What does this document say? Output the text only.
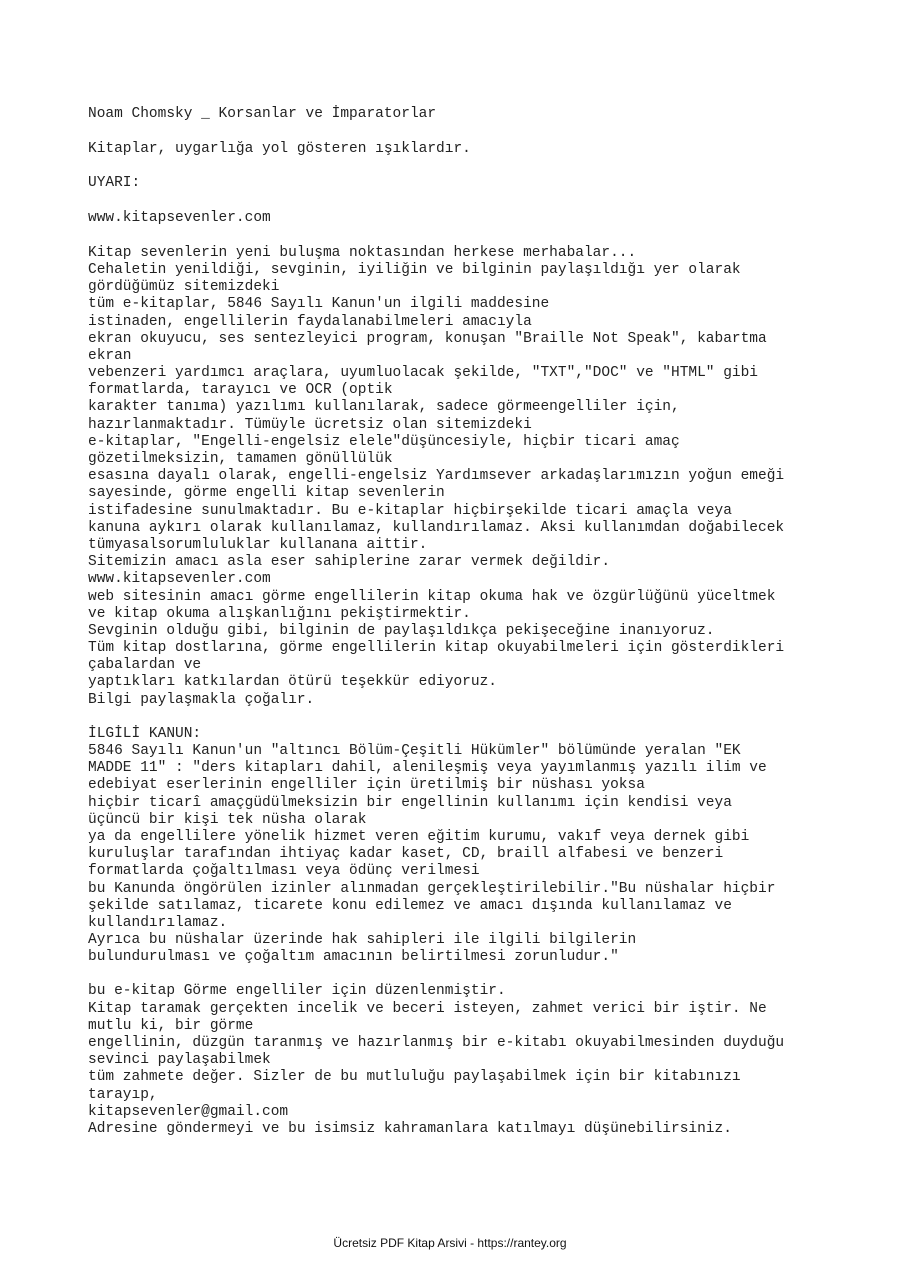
Noam Chomsky _ Korsanlar ve İmparatorlar
Kitaplar, uygarlığa yol gösteren ışıklardır.
UYARI:
www.kitapsevenler.com
Kitap sevenlerin yeni buluşma noktasından herkese merhabalar...
Cehaletin yenildiği, sevginin, iyiliğin ve bilginin paylaşıldığı yer olarak
gördüğümüz sitemizdeki
tüm e-kitaplar, 5846 Sayılı Kanun'un ilgili maddesine
istinaden, engellilerin faydalanabilmeleri amacıyla
ekran okuyucu, ses sentezleyici program, konuşan "Braille Not Speak", kabartma
ekran
vebenzeri yardımcı araçlara, uyumluolacak şekilde, "TXT","DOC" ve "HTML" gibi
formatlarda, tarayıcı ve OCR (optik
karakter tanıma) yazılımı kullanılarak, sadece görmeengelliler için,
hazırlanmaktadır. Tümüyle ücretsiz olan sitemizdeki
e-kitaplar, "Engelli-engelsiz elele"düşüncesiyle, hiçbir ticari amaç
gözetilmeksizin, tamamen gönüllülük
esasına dayalı olarak, engelli-engelsiz Yardımsever arkadaşlarımızın yoğun emeği
sayesinde, görme engelli kitap sevenlerin
istifadesine sunulmaktadır. Bu e-kitaplar hiçbirşekilde ticari amaçla veya
kanuna aykırı olarak kullanılamaz, kullandırılamaz. Aksi kullanımdan doğabilecek
tümyasalsorumluluklar kullanana aittir.
Sitemizin amacı asla eser sahiplerine zarar vermek değildir.
www.kitapsevenler.com
web sitesinin amacı görme engellilerin kitap okuma hak ve özgürlüğünü yüceltmek
ve kitap okuma alışkanlığını pekiştirmektir.
Sevginin olduğu gibi, bilginin de paylaşıldıkça pekişeceğine inanıyoruz.
Tüm kitap dostlarına, görme engellilerin kitap okuyabilmeleri için gösterdikleri
çabalardan ve
yaptıkları katkılardan ötürü teşekkür ediyoruz.
Bilgi paylaşmakla çoğalır.
İLGİLİ KANUN:
5846 Sayılı Kanun'un "altıncı Bölüm-Çeşitli Hükümler" bölümünde yeralan "EK
MADDE 11" : "ders kitapları dahil, alenileşmiş veya yayımlanmış yazılı ilim ve
edebiyat eserlerinin engelliler için üretilmiş bir nüshası yoksa
hiçbir ticarî amaçgüdülmeksizin bir engellinin kullanımı için kendisi veya
üçüncü bir kişi tek nüsha olarak
ya da engellilere yönelik hizmet veren eğitim kurumu, vakıf veya dernek gibi
kuruluşlar tarafından ihtiyaç kadar kaset, CD, braill alfabesi ve benzeri
formatlarda çoğaltılması veya ödünç verilmesi
bu Kanunda öngörülen izinler alınmadan gerçekleştirilebilir."Bu nüshalar hiçbir
şekilde satılamaz, ticarete konu edilemez ve amacı dışında kullanılamaz ve
kullandırılamaz.
Ayrıca bu nüshalar üzerinde hak sahipleri ile ilgili bilgilerin
bulundurulması ve çoğaltım amacının belirtilmesi zorunludur."
bu e-kitap Görme engelliler için düzenlenmiştir.
Kitap taramak gerçekten incelik ve beceri isteyen, zahmet verici bir iştir. Ne
mutlu ki, bir görme
engellinin, düzgün taranmış ve hazırlanmış bir e-kitabı okuyabilmesinden duyduğu
sevinci paylaşabilmek
tüm zahmete değer. Sizler de bu mutluluğu paylaşabilmek için bir kitabınızı
tarayıp,
kitapsevenler@gmail.com
Adresine göndermeyi ve bu isimsiz kahramanlara katılmayı düşünebilirsiniz.
Ücretsiz PDF Kitap Arsivi - https://rantey.org
